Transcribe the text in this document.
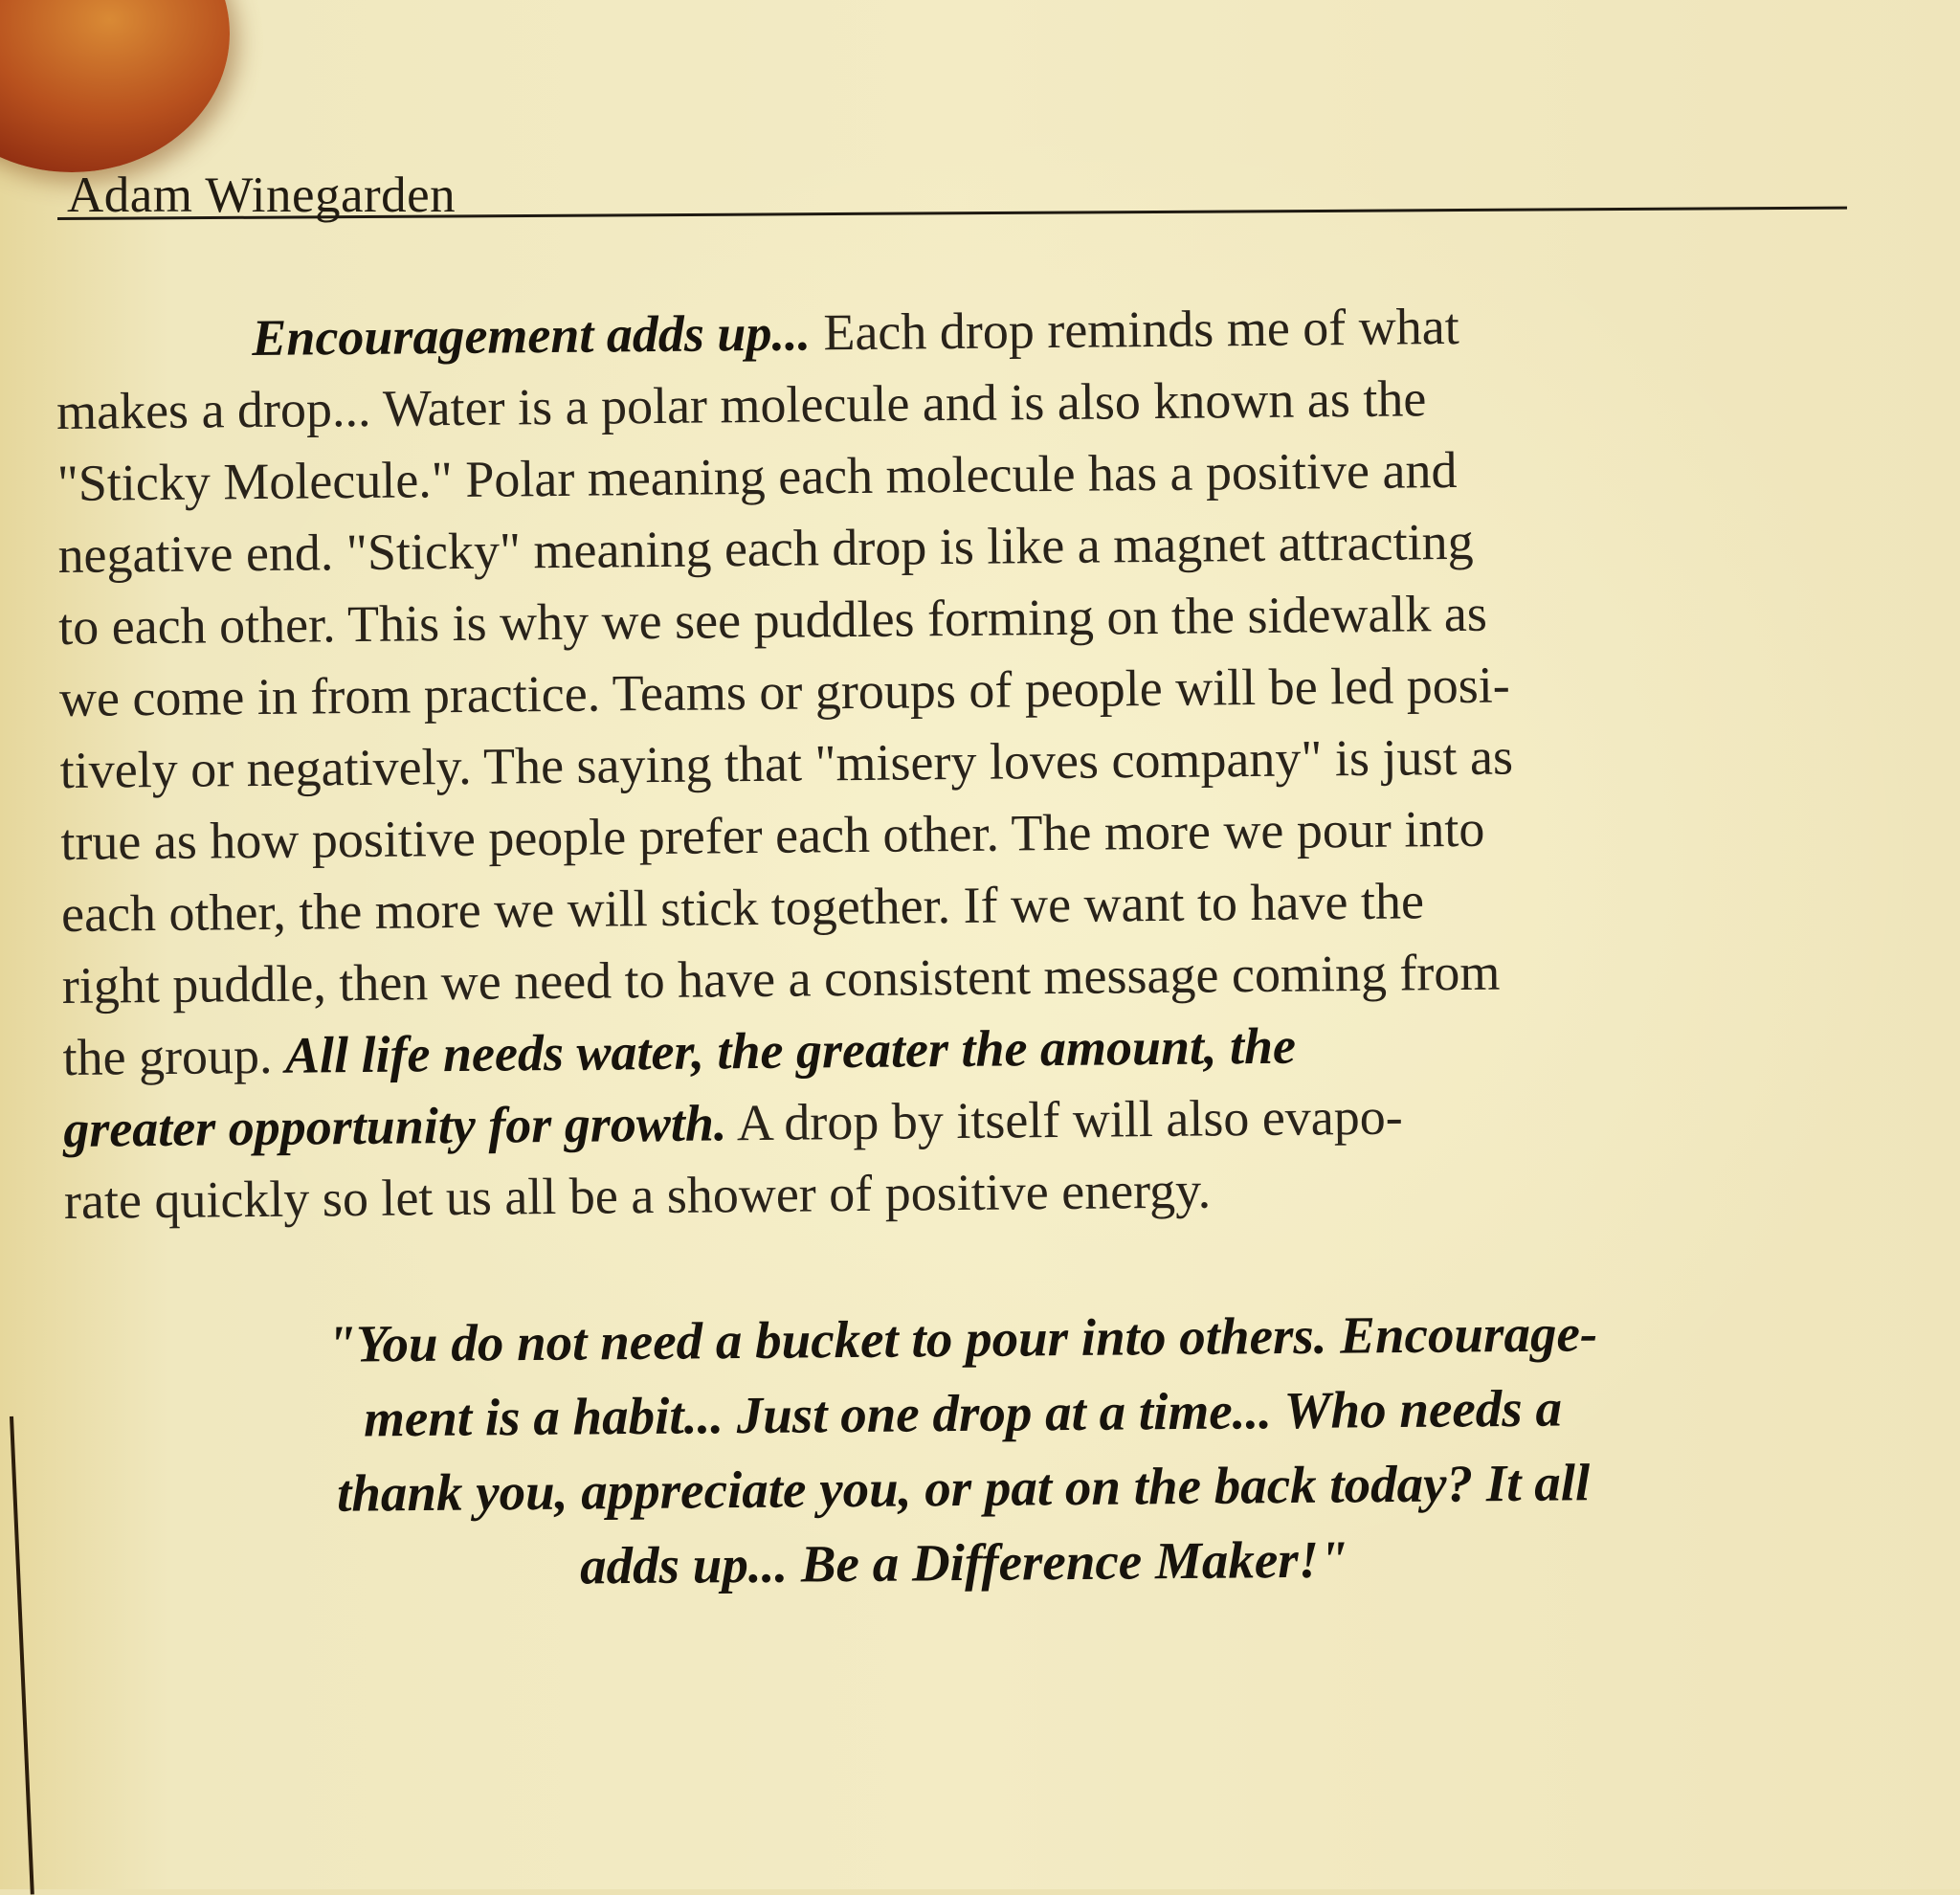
Adam Winegarden
Encouragement adds up... Each drop reminds me of what
makes a drop... Water is a polar molecule and is also known as the
"Sticky Molecule." Polar meaning each molecule has a positive and
negative end. "Sticky" meaning each drop is like a magnet attracting
to each other. This is why we see puddles forming on the sidewalk as
we come in from practice. Teams or groups of people will be led posi-
tively or negatively. The saying that "misery loves company" is just as
true as how positive people prefer each other. The more we pour into
each other, the more we will stick together. If we want to have the
right puddle, then we need to have a consistent message coming from
the group. All life needs water, the greater the amount, the
greater opportunity for growth. A drop by itself will also evapo-
rate quickly so let us all be a shower of positive energy.
"You do not need a bucket to pour into others. Encourage-
ment is a habit... Just one drop at a time... Who needs a
thank you, appreciate you, or pat on the back today? It all
adds up... Be a Difference Maker!"
